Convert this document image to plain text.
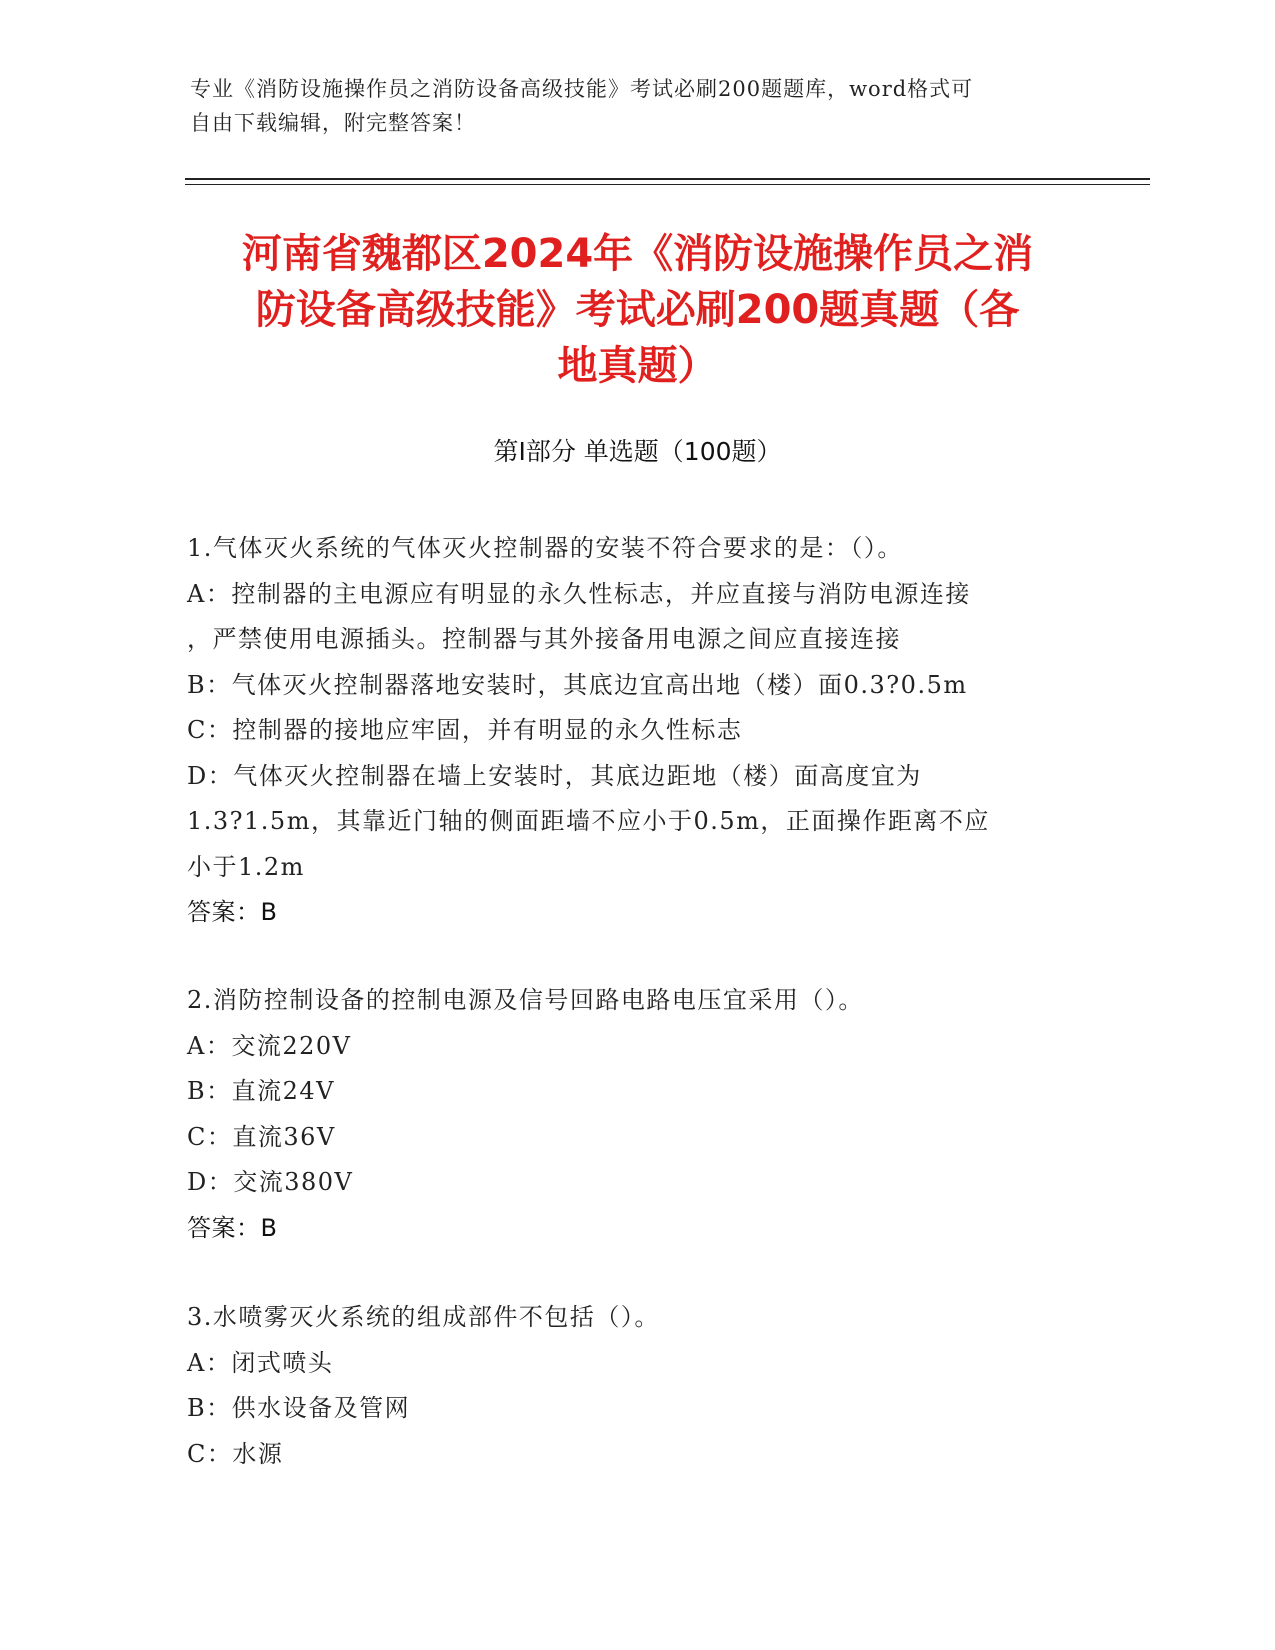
专业《消防设施操作员之消防设备高级技能》考试必刷200题题库，word格式可
自由下载编辑，附完整答案！
河南省魏都区2024年《消防设施操作员之消
防设备高级技能》考试必刷200题真题（各
地真题）
第Ⅰ部分 单选题（100题）
1.气体灭火系统的气体灭火控制器的安装不符合要求的是：（）。
A：控制器的主电源应有明显的永久性标志，并应直接与消防电源连接
，严禁使用电源插头。控制器与其外接备用电源之间应直接连接
B：气体灭火控制器落地安装时，其底边宜高出地（楼）面0.3?0.5m
C：控制器的接地应牢固，并有明显的永久性标志
D：气体灭火控制器在墙上安装时，其底边距地（楼）面高度宜为
1.3?1.5m，其靠近门轴的侧面距墙不应小于0.5m，正面操作距离不应
小于1.2m
答案：B
2.消防控制设备的控制电源及信号回路电路电压宜采用（）。
A：交流220V
B：直流24V
C：直流36V
D：交流380V
答案：B
3.水喷雾灭火系统的组成部件不包括（）。
A：闭式喷头
B：供水设备及管网
C：水源
